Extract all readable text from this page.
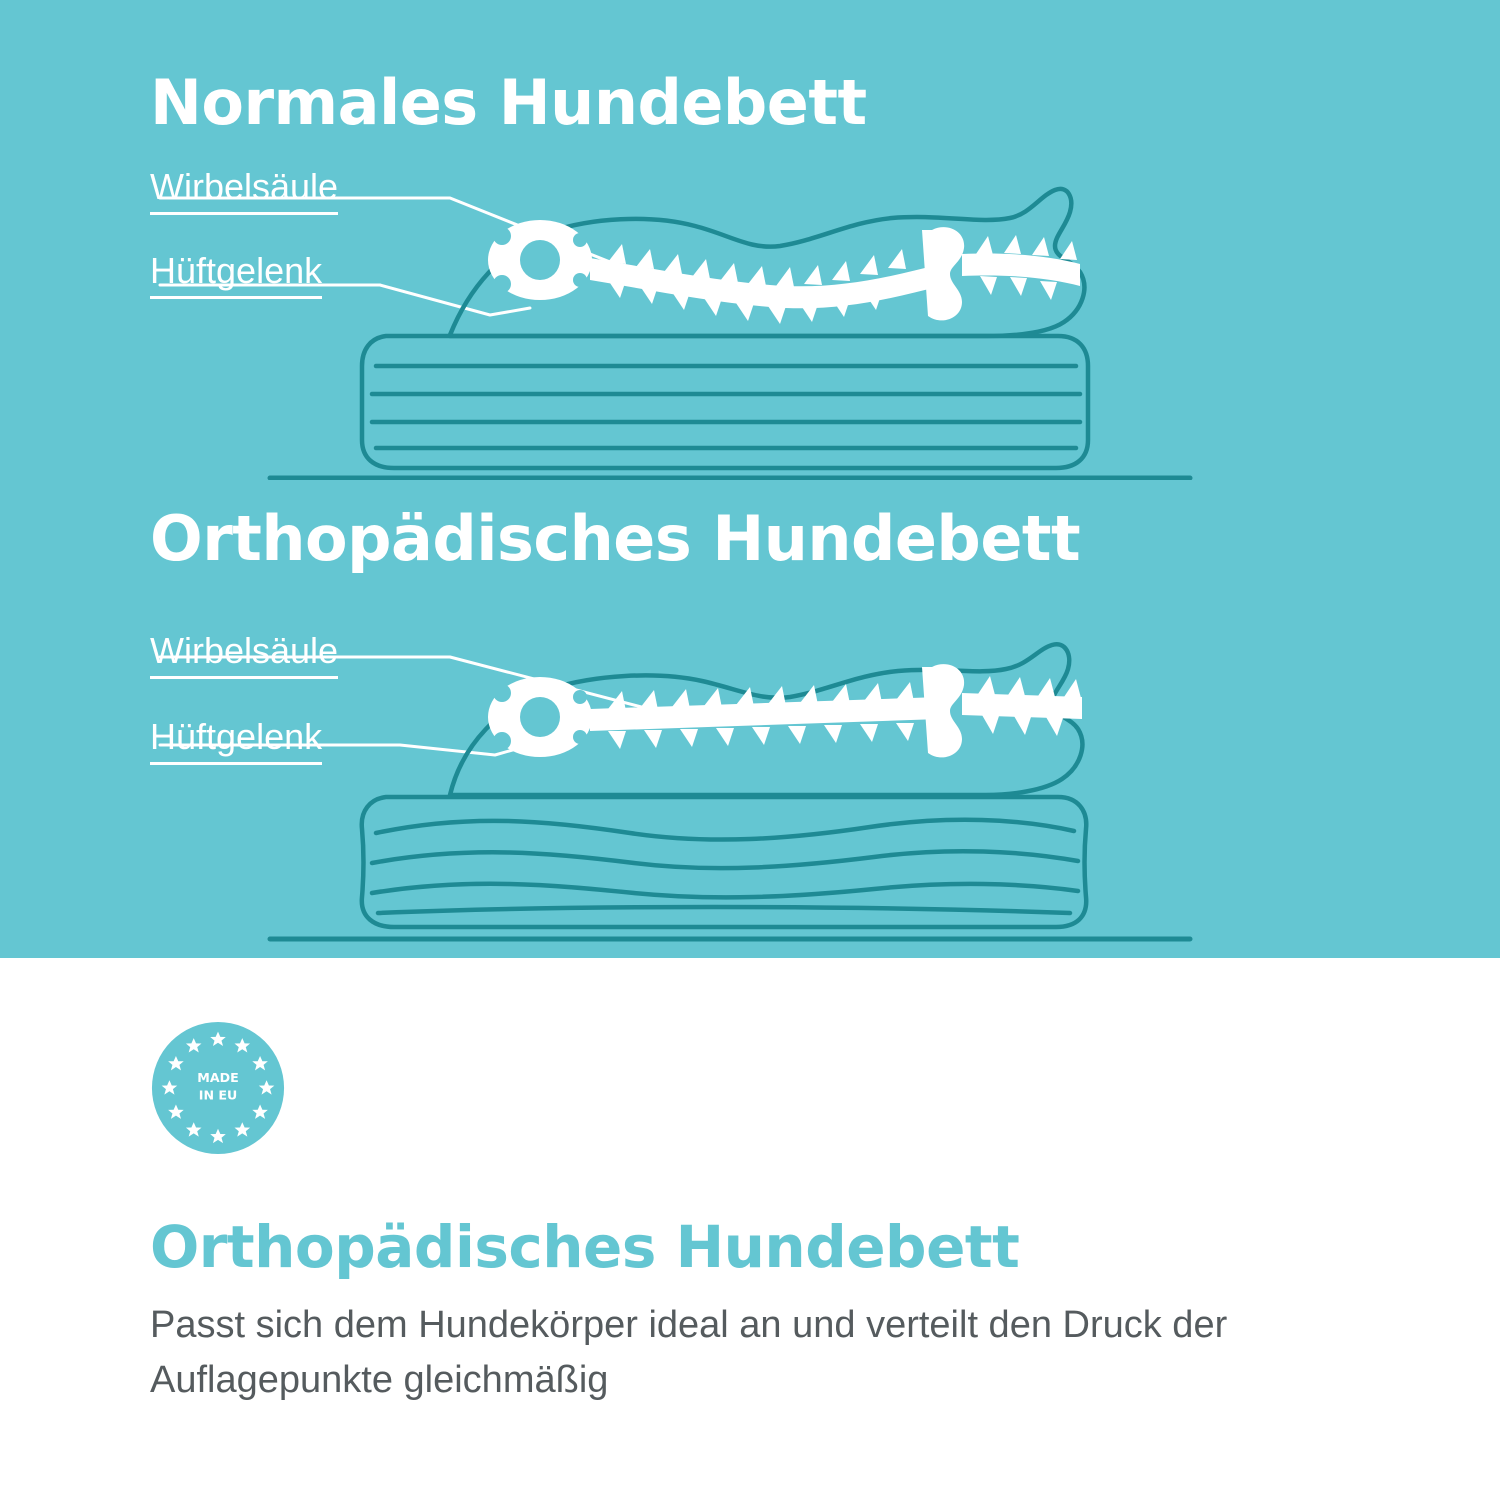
Normales Hundebett
Wirbelsäule
Hüftgelenk
Orthopädisches Hundebett
Wirbelsäule
Hüftgelenk
MADE
IN EU
Orthopädisches Hundebett
Passt sich dem Hundekörper ideal an und verteilt den Druck der Auflagepunkte gleichmäßig
